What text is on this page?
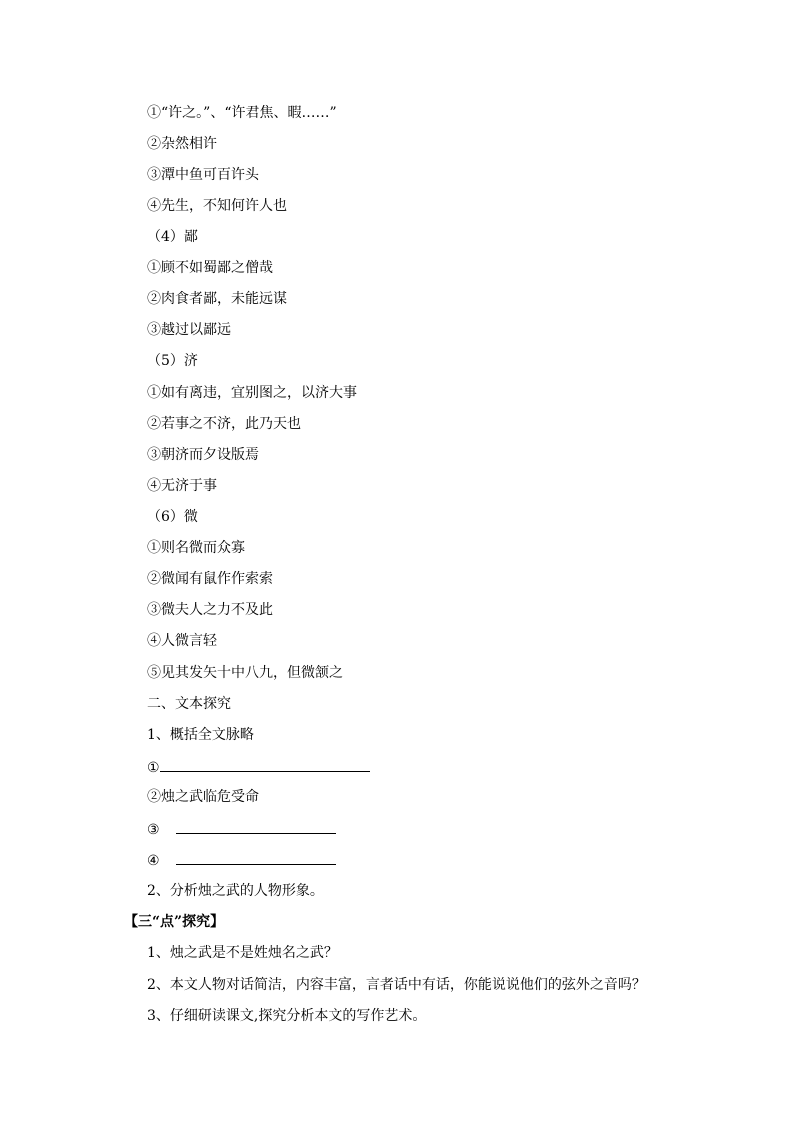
①“许之。”、“许君焦、暇……”
②杂然相许
③潭中鱼可百许头
④先生，不知何许人也
（4）鄙
①顾不如蜀鄙之僧哉
②肉食者鄙，未能远谋
③越过以鄙远
（5）济
①如有离违，宜别图之，以济大事
②若事之不济，此乃天也
③朝济而夕设版焉
④无济于事
（6）微
①则名微而众寡
②微闻有鼠作作索索
③微夫人之力不及此
④人微言轻
⑤见其发矢十中八九，但微颔之
二、文本探究
1、概括全文脉略
①
②烛之武临危受命
③
④
2、分析烛之武的人物形象。
【三“点”探究】
1、烛之武是不是姓烛名之武？
2、本文人物对话简洁，内容丰富，言者话中有话，你能说说他们的弦外之音吗？
3、仔细研读课文,探究分析本文的写作艺术。
